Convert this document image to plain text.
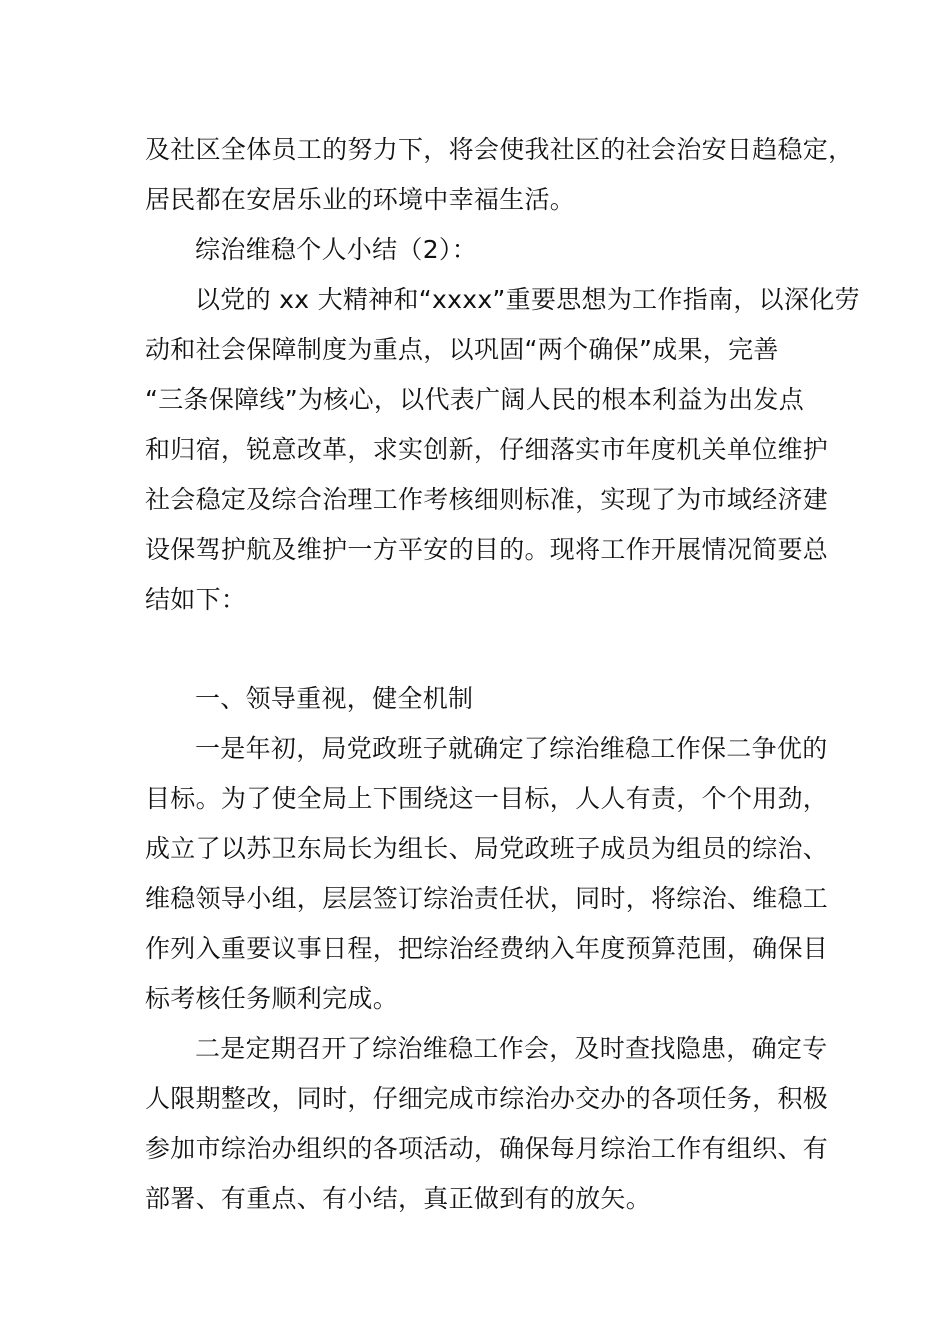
及社区全体员工的努力下，将会使我社区的社会治安日趋稳定，

居民都在安居乐业的环境中幸福生活。

综治维稳个人小结（2）：

以党的 xx 大精神和“xxxx”重要思想为工作指南，以深化劳

动和社会保障制度为重点，以巩固“两个确保”成果，完善

“三条保障线”为核心，以代表广阔人民的根本利益为出发点

和归宿，锐意改革，求实创新，仔细落实市年度机关单位维护

社会稳定及综合治理工作考核细则标准，实现了为市域经济建

设保驾护航及维护一方平安的目的。现将工作开展情况简要总

结如下：

一、领导重视，健全机制

一是年初，局党政班子就确定了综治维稳工作保二争优的

目标。为了使全局上下围绕这一目标，人人有责，个个用劲，

成立了以苏卫东局长为组长、局党政班子成员为组员的综治、

维稳领导小组，层层签订综治责任状，同时，将综治、维稳工

作列入重要议事日程，把综治经费纳入年度预算范围，确保目

标考核任务顺利完成。

二是定期召开了综治维稳工作会，及时查找隐患，确定专

人限期整改，同时，仔细完成市综治办交办的各项任务，积极

参加市综治办组织的各项活动，确保每月综治工作有组织、有

部署、有重点、有小结，真正做到有的放矢。
